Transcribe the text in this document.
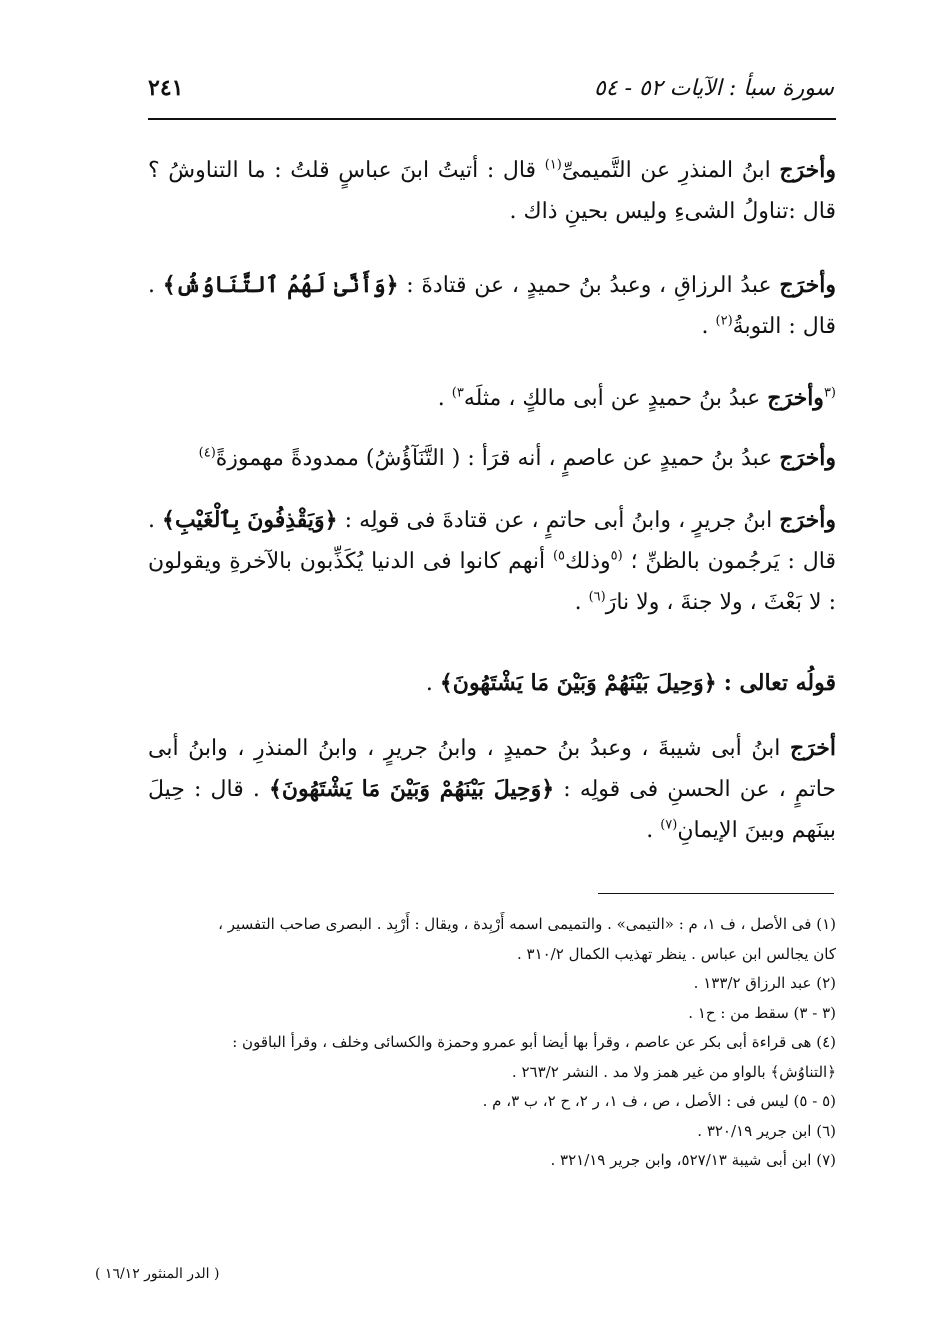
سورة سبأ : الآيات ٥٢ - ٥٤
٢٤١

وأخرَج ابنُ المنذرِ عن التَّميمىِّ$^{(١)}$ قال : أتيتُ ابنَ عباسٍ قلتُ : ما التناوشُ ؟ قال :تناولُ الشىءِ وليس بحينِ ذاك .

وأخرَج عبدُ الرزاقِ ، وعبدُ بنُ حميدٍ ، عن قتادةَ : ﴿وَأَنَّىٰ لَهُمُ ٱلتَّنَاوُشُ﴾ . قال : التوبةُ$^{(٢)}$ .

$^{(٣}$وأخرَج عبدُ بنُ حميدٍ عن أبى مالكٍ ، مثلَه$^{٣)}$ .

وأخرَج عبدُ بنُ حميدٍ عن عاصمٍ ، أنه قرَأ : ( التَّنَآؤُشُ) ممدودةً مهموزةً$^{(٤)}$

وأخرَج ابنُ جريرٍ ، وابنُ أبى حاتمٍ ، عن قتادةَ فى قولِه : ﴿وَيَقْذِفُونَ بِٱلْغَيْبِ﴾ . قال : يَرجُمون بالظنِّ ؛ $^{(٥}$وذلك$^{٥)}$ أنهم كانوا فى الدنيا يُكَذِّبون بالآخرةِ ويقولون : لا بَعْثَ ، ولا جنةَ ، ولا نارَ$^{(٦)}$ .

قولُه تعالى : ﴿وَحِيلَ بَيْنَهُمْ وَبَيْنَ مَا يَشْتَهُونَ﴾ .

أخرَج ابنُ أبى شيبةَ ، وعبدُ بنُ حميدٍ ، وابنُ جريرٍ ، وابنُ المنذرِ ، وابنُ أبى حاتمٍ ، عن الحسنِ فى قولِه : ﴿وَحِيلَ بَيْنَهُمْ وَبَيْنَ مَا يَشْتَهُونَ﴾ . قال : حِيلَ بينَهم وبينَ الإيمانِ$^{(٧)}$ .

(١) فى الأصل ، ف ١، م : «التيمى» . والتميمى اسمه أَرْبِدة ، ويقال : أَرْبِد . البصرى صاحب التفسير ،
كان يجالس ابن عباس . ينظر تهذيب الكمال ٣١٠/٢ .
(٢) عبد الرزاق ١٣٣/٢ .
(٣ - ٣) سقط من : ح١ .
(٤) هى قراءة أبى بكر عن عاصم ، وقرأ بها أيضا أبو عمرو وحمزة والكسائى وخلف ، وقرأ الباقون :
﴿التناوُش﴾ بالواو من غير همز ولا مد . النشر ٢٦٣/٢ .
(٥ - ٥) ليس فى : الأصل ، ص ، ف ١، ر ٢، ح ٢، ب ٣، م .
(٦) ابن جرير ٣٢٠/١٩ .
(٧) ابن أبى شيبة ٥٢٧/١٣، وابن جرير ٣٢١/١٩ .
( الدر المنثور ١٦/١٢ )
